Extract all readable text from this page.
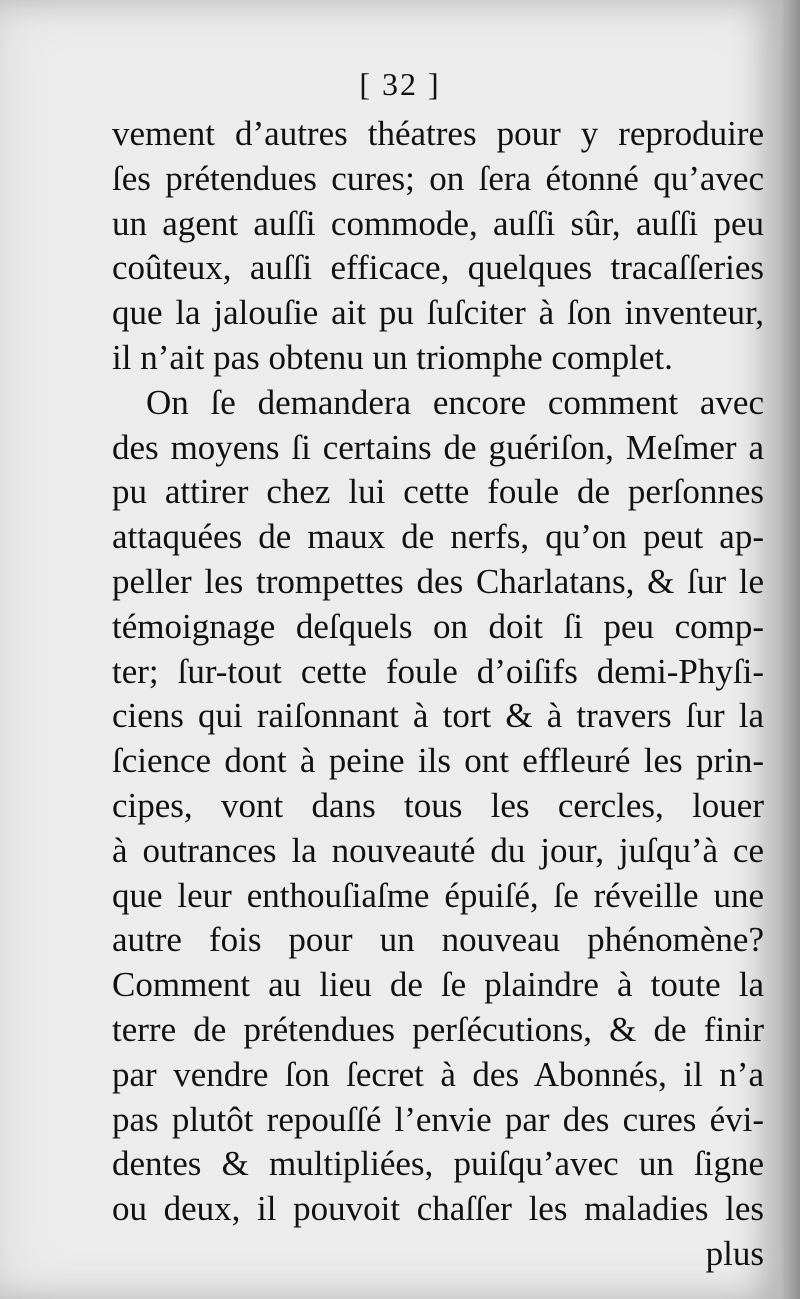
[ 32 ]
vement d’autres théatres pour y reproduire
ſes prétendues cures; on ſera étonné qu’avec
un agent auſſi commode, auſſi sûr, auſſi peu
coûteux, auſſi efficace, quelques tracaſſeries
que la jalouſie ait pu ſuſciter à ſon inventeur,
il n’ait pas obtenu un triomphe complet.
On ſe demandera encore comment avec
des moyens ſi certains de guériſon, Meſmer a
pu attirer chez lui cette foule de perſonnes
attaquées de maux de nerfs, qu’on peut ap-
peller les trompettes des Charlatans, & ſur le
témoignage deſquels on doit ſi peu comp-
ter; ſur-tout cette foule d’oiſifs demi-Phyſi-
ciens qui raiſonnant à tort & à travers ſur la
ſcience dont à peine ils ont effleuré les prin-
cipes, vont dans tous les cercles, louer
à outrances la nouveauté du jour, juſqu’à ce
que leur enthouſiaſme épuiſé, ſe réveille une
autre fois pour un nouveau phénomène?
Comment au lieu de ſe plaindre à toute la
terre de prétendues perſécutions, & de finir
par vendre ſon ſecret à des Abonnés, il n’a
pas plutôt repouſſé l’envie par des cures évi-
dentes & multipliées, puiſqu’avec un ſigne
ou deux, il pouvoit chaſſer les maladies les
plus
